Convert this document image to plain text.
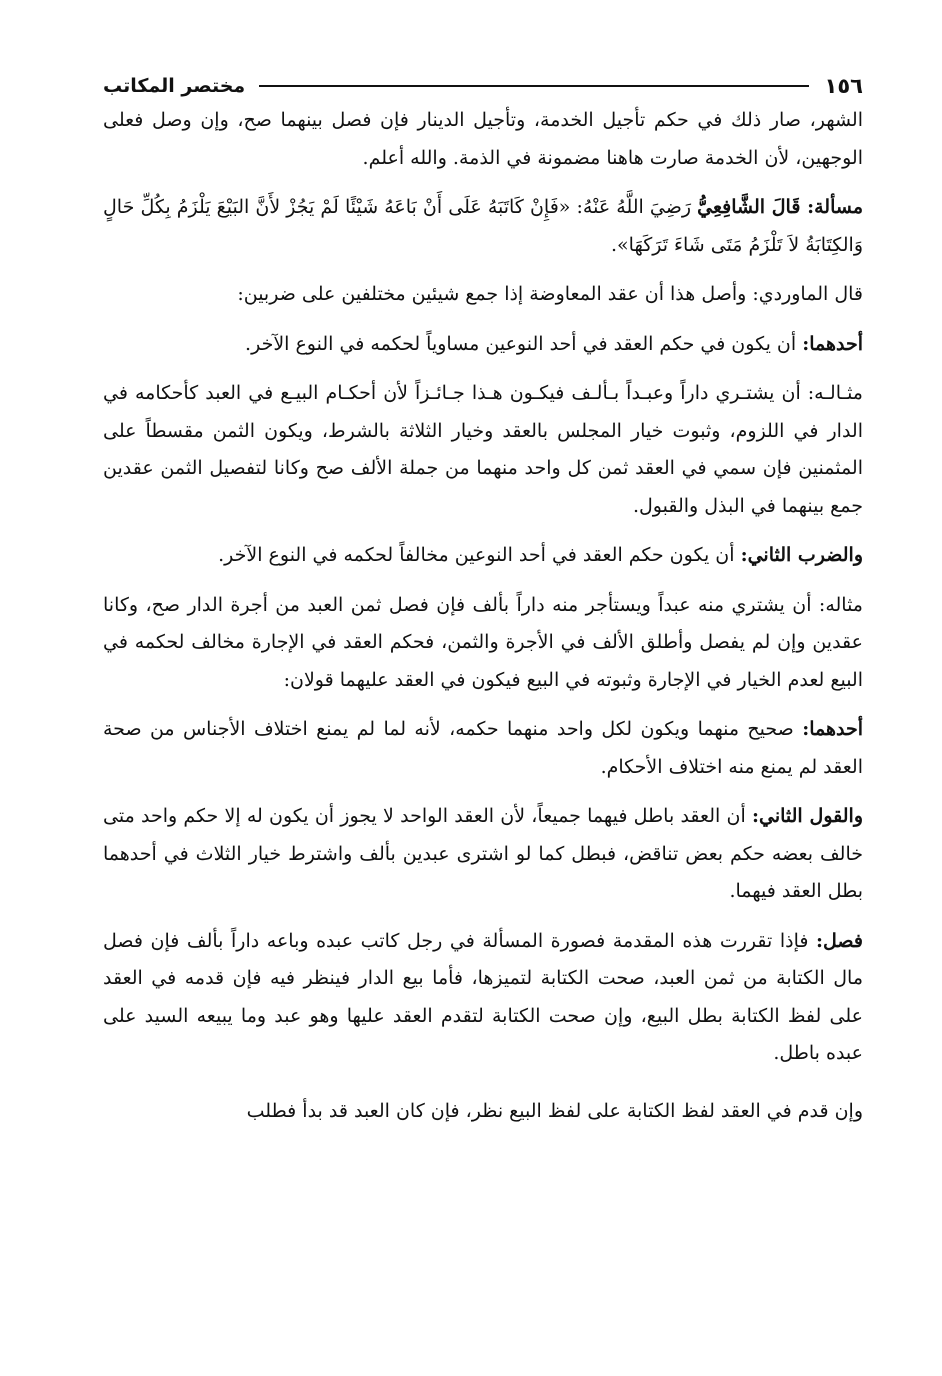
١٥٦
مختصر المكاتب

الشهر، صار ذلك في حكم تأجيل الخدمة، وتأجيل الدينار فإن فصل بينهما صح، وإن وصل فعلى الوجهين، لأن الخدمة صارت هاهنا مضمونة في الذمة. والله أعلم.

مسألة: قَالَ الشَّافِعِيُّ رَضِيَ اللَّهُ عَنْهُ: «فَإِنْ كَاتَبَهُ عَلَى أَنْ بَاعَهُ شَيْئًا لَمْ يَجُزْ لأَنَّ البَيْعَ يَلْزَمُ بِكُلِّ حَالٍ وَالكِتَابَةُ لاَ تَلْزَمُ مَتَى شَاءَ تَرَكَهَا».

قال الماوردي: وأصل هذا أن عقد المعاوضة إذا جمع شيئين مختلفين على ضربين:

أحدهما: أن يكون في حكم العقد في أحد النوعين مساوياً لحكمه في النوع الآخر.

مثـالـه: أن يشتـري داراً وعبـداً بـألـف فيكـون هـذا جـائـزاً لأن أحكـام البيـع في العبد كأحكامه في الدار في اللزوم، وثبوت خيار المجلس بالعقد وخيار الثلاثة بالشرط، ويكون الثمن مقسطاً على المثمنين فإن سمي في العقد ثمن كل واحد منهما من جملة الألف صح وكانا لتفصيل الثمن عقدين جمع بينهما في البذل والقبول.

والضرب الثاني: أن يكون حكم العقد في أحد النوعين مخالفاً لحكمه في النوع الآخر.

مثاله: أن يشتري منه عبداً ويستأجر منه داراً بألف فإن فصل ثمن العبد من أجرة الدار صح، وكانا عقدين وإن لم يفصل وأطلق الألف في الأجرة والثمن، فحكم العقد في الإجارة مخالف لحكمه في البيع لعدم الخيار في الإجارة وثبوته في البيع فيكون في العقد عليهما قولان:

أحدهما: صحيح منهما ويكون لكل واحد منهما حكمه، لأنه لما لم يمنع اختلاف الأجناس من صحة العقد لم يمنع منه اختلاف الأحكام.

والقول الثاني: أن العقد باطل فيهما جميعاً، لأن العقد الواحد لا يجوز أن يكون له إلا حكم واحد متى خالف بعضه حكم بعض تناقض، فبطل كما لو اشترى عبدين بألف واشترط خيار الثلاث في أحدهما بطل العقد فيهما.

فصل: فإذا تقررت هذه المقدمة فصورة المسألة في رجل كاتب عبده وباعه داراً بألف فإن فصل مال الكتابة من ثمن العبد، صحت الكتابة لتميزها، فأما بيع الدار فينظر فيه فإن قدمه في العقد على لفظ الكتابة بطل البيع، وإن صحت الكتابة لتقدم العقد عليها وهو عبد وما يبيعه السيد على عبده باطل.

وإن قدم في العقد لفظ الكتابة على لفظ البيع نظر، فإن كان العبد قد بدأ فطلب
